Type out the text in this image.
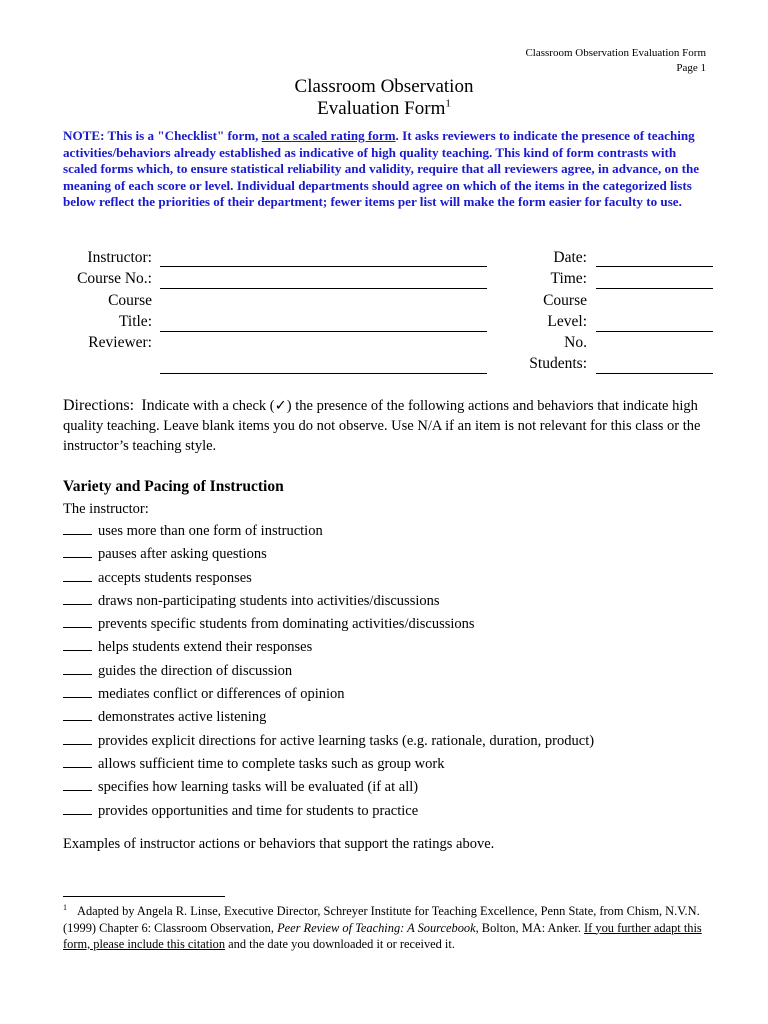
Classroom Observation Evaluation Form
Page 1
Classroom Observation
Evaluation Form$^1$
NOTE: This is a "Checklist" form, not a scaled rating form. It asks reviewers to indicate the presence of teaching activities/behaviors already established as indicative of high quality teaching. This kind of form contrasts with scaled forms which, to ensure statistical reliability and validity, require that all reviewers agree, in advance, on the meaning of each score or level. Individual departments should agree on which of the items in the categorized lists below reflect the priorities of their department; fewer items per list will make the form easier for faculty to use.
Instructor:
Course No.:
Course
Title:
Reviewer:
Date:
Time:
Course
Level:
No.
Students:
Directions: Indicate with a check (✓) the presence of the following actions and behaviors that indicate high quality teaching. Leave blank items you do not observe. Use N/A if an item is not relevant for this class or the instructor’s teaching style.
Variety and Pacing of Instruction
The instructor:
uses more than one form of instruction
pauses after asking questions
accepts students responses
draws non-participating students into activities/discussions
prevents specific students from dominating activities/discussions
helps students extend their responses
guides the direction of discussion
mediates conflict or differences of opinion
demonstrates active listening
provides explicit directions for active learning tasks (e.g. rationale, duration, product)
allows sufficient time to complete tasks such as group work
specifies how learning tasks will be evaluated (if at all)
provides opportunities and time for students to practice
Examples of instructor actions or behaviors that support the ratings above.
$^1$ Adapted by Angela R. Linse, Executive Director, Schreyer Institute for Teaching Excellence, Penn State, from Chism, N.V.N. (1999) Chapter 6: Classroom Observation, Peer Review of Teaching: A Sourcebook, Bolton, MA: Anker. If you further adapt this form, please include this citation and the date you downloaded it or received it.
